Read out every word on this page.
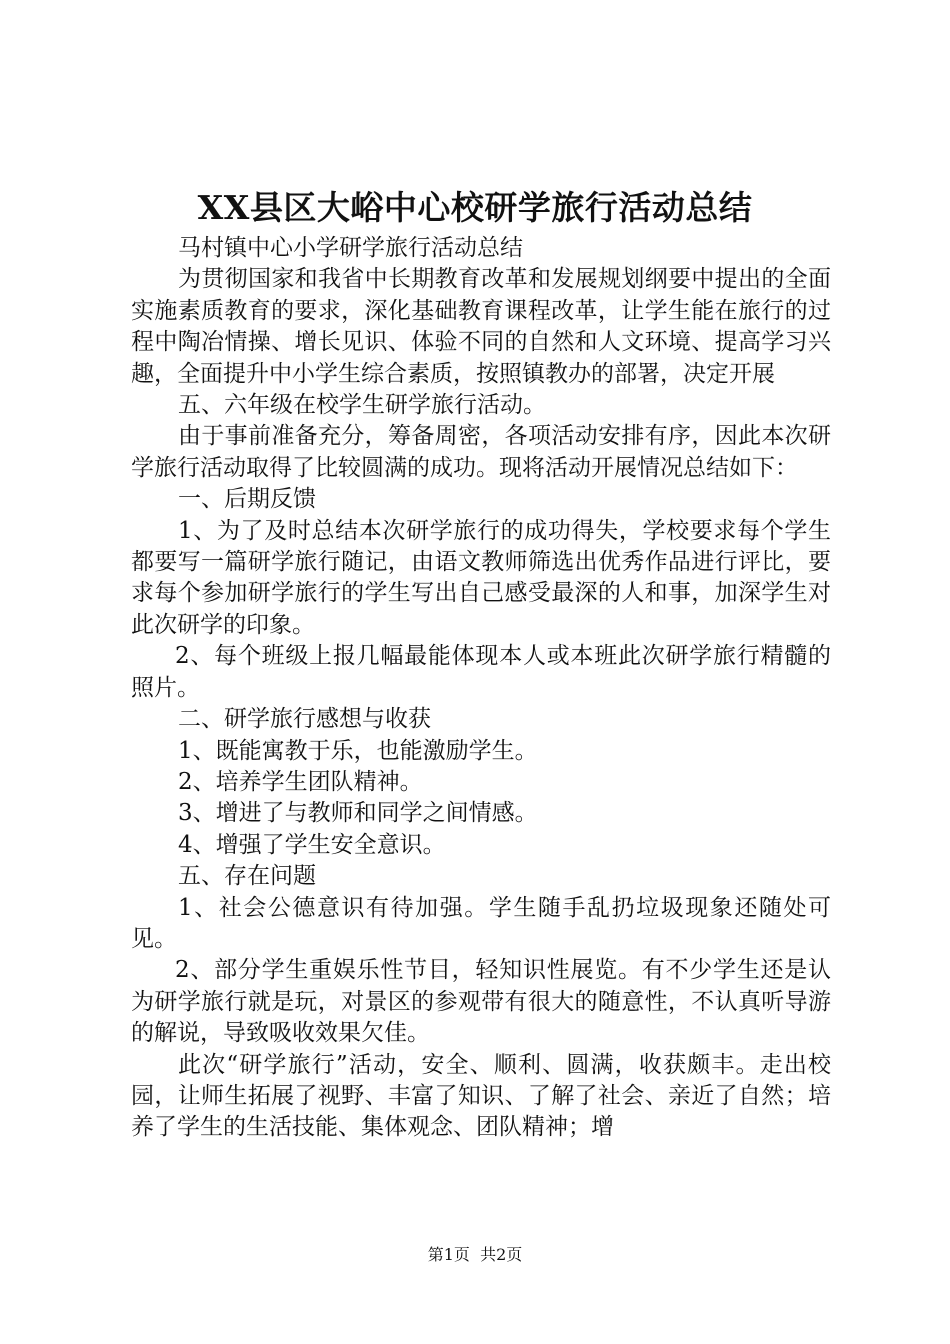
XX县区大峪中心校研学旅行活动总结

马村镇中心小学研学旅行活动总结

为贯彻国家和我省中长期教育改革和发展规划纲要中提出的全面实施素质教育的要求，深化基础教育课程改革，让学生能在旅行的过程中陶冶情操、增长见识、体验不同的自然和人文环境、提高学习兴趣，全面提升中小学生综合素质，按照镇教办的部署，决定开展

五、六年级在校学生研学旅行活动。

由于事前准备充分，筹备周密，各项活动安排有序，因此本次研学旅行活动取得了比较圆满的成功。现将活动开展情况总结如下：

一、后期反馈

1、为了及时总结本次研学旅行的成功得失，学校要求每个学生都要写一篇研学旅行随记，由语文教师筛选出优秀作品进行评比，要求每个参加研学旅行的学生写出自己感受最深的人和事，加深学生对此次研学的印象。

2、每个班级上报几幅最能体现本人或本班此次研学旅行精髓的照片。

二、研学旅行感想与收获

1、既能寓教于乐，也能激励学生。

2、培养学生团队精神。

3、增进了与教师和同学之间情感。

4、增强了学生安全意识。

五、存在问题

1、社会公德意识有待加强。学生随手乱扔垃圾现象还随处可见。

2、部分学生重娱乐性节目，轻知识性展览。有不少学生还是认为研学旅行就是玩，对景区的参观带有很大的随意性，不认真听导游的解说，导致吸收效果欠佳。

此次“研学旅行”活动，安全、顺利、圆满，收获颇丰。走出校园，让师生拓展了视野、丰富了知识、了解了社会、亲近了自然；培养了学生的生活技能、集体观念、团队精神；增

第1页  共2页
